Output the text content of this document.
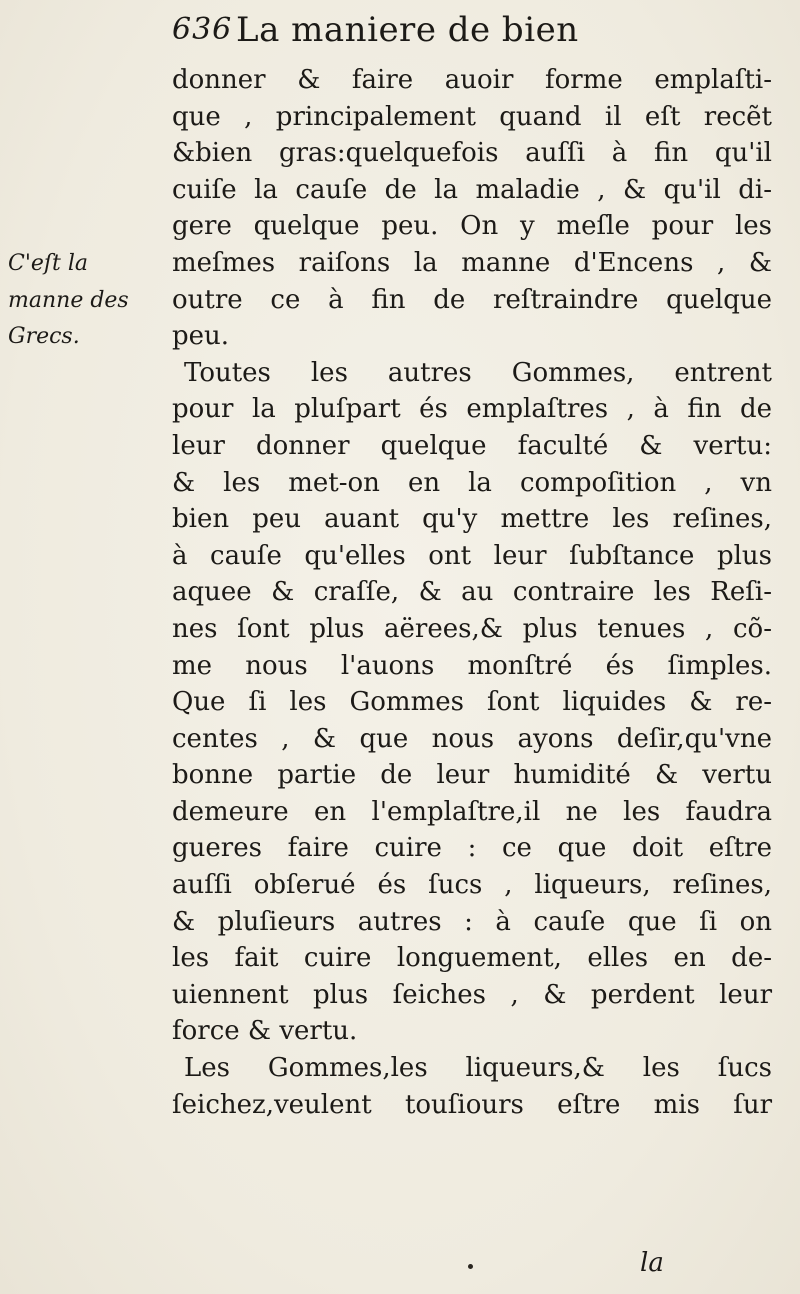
636 La maniere de bien
C'eſt la
manne des
Grecs.
donner & faire auoir forme emplaſti-
que , principalement quand il eſt recẽt
&bien gras:quelquefois auſſi à fin qu'il
cuiſe la cauſe de la maladie , & qu'il di-
gere quelque peu. On y meſle pour les
meſmes raiſons la manne d'Encens , &
outre ce à fin de reſtraindre quelque
peu.
Toutes les autres Gommes, entrent
pour la pluſpart és emplaſtres , à fin de
leur donner quelque faculté & vertu:
& les met-on en la compoſition , vn
bien peu auant qu'y mettre les reſines,
à cauſe qu'elles ont leur ſubſtance plus
aquee & craſſe, & au contraire les Reſi-
nes ſont plus aërees,& plus tenues , cõ-
me nous l'auons monſtré és ſimples.
Que ſi les Gommes ſont liquides & re-
centes , & que nous ayons deſir,qu'vne
bonne partie de leur humidité & vertu
demeure en l'emplaſtre,il ne les faudra
gueres faire cuire : ce que doit eſtre
auſſi obſerué és ſucs , liqueurs, reſines,
& pluſieurs autres : à cauſe que ſi on
les fait cuire longuement, elles en de-
uiennent plus ſeiches , & perdent leur
force & vertu.
Les Gommes,les liqueurs,& les ſucs
ſeichez,veulent touſiours eſtre mis ſur
la
